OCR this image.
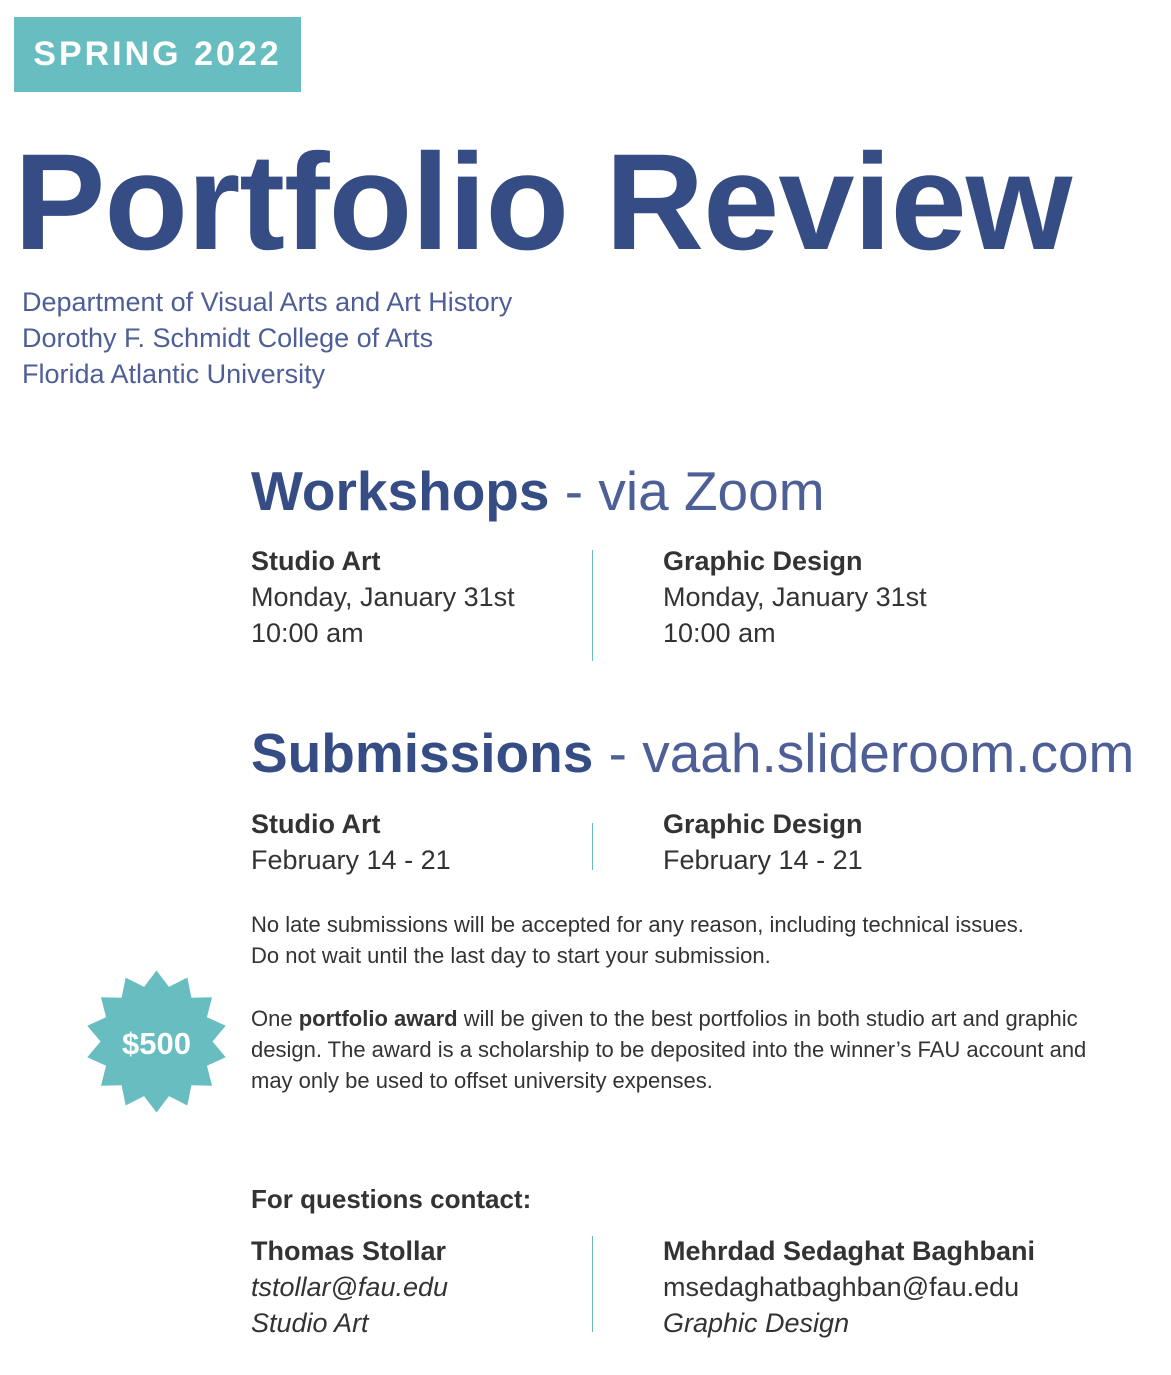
SPRING 2022
Portfolio Review
Department of Visual Arts and Art History
Dorothy F. Schmidt College of Arts
Florida Atlantic University
Workshops - via Zoom
Studio Art
Monday, January 31st
10:00 am
Graphic Design
Monday, January 31st
10:00 am
Submissions - vaah.slideroom.com
Studio Art
February 14 - 21
Graphic Design
February 14 - 21
No late submissions will be accepted for any reason, including technical issues.
Do not wait until the last day to start your submission.
$500
One portfolio award will be given to the best portfolios in both studio art and graphic design. The award is a scholarship to be deposited into the winner’s FAU account and may only be used to offset university expenses.
For questions contact:
Thomas Stollar
tstollar@fau.edu
Studio Art
Mehrdad Sedaghat Baghbani
msedaghatbaghban@fau.edu
Graphic Design
